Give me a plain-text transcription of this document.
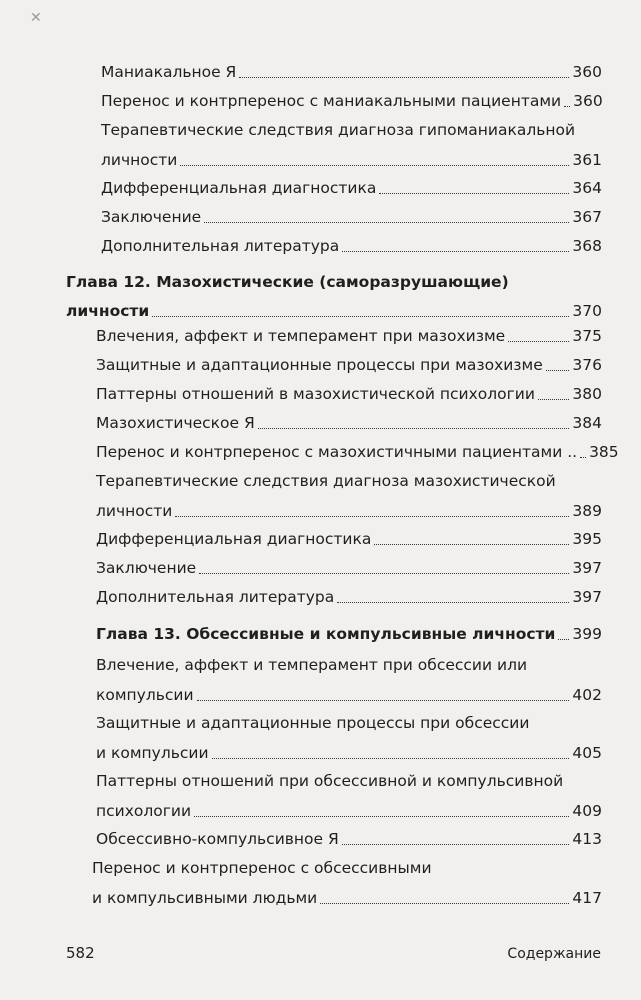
✕
Маниакальное Я	360
Перенос и контрперенос с маниакальными пациентами 360
Терапевтические следствия диагноза гипоманиакальной
личности	361
Дифференциальная диагностика	364
Заключение	367
Дополнительная литература	368
Глава 12. Мазохистические (саморазрушающие)
личности	370
Влечения, аффект и темперамент при мазохизме	375
Защитные и адаптационные процессы при мазохизме 376
Паттерны отношений в мазохистической психологии 380
Мазохистическое Я	384
Перенос и контрперенос с мазохистичными пациентами .. 385
Терапевтические следствия диагноза мазохистической
личности	389
Дифференциальная диагностика	395
Заключение	397
Дополнительная литература	397
Глава 13. Обсессивные и компульсивные личности 399
Влечение, аффект и темперамент при обсессии или
компульсии	402
Защитные и адаптационные процессы при обсессии
и компульсии	405
Паттерны отношений при обсессивной и компульсивной
психологии	409
Обсессивно-компульсивное Я	413
Перенос и контрперенос с обсессивными
и компульсивными людьми	417
582	Содержание
